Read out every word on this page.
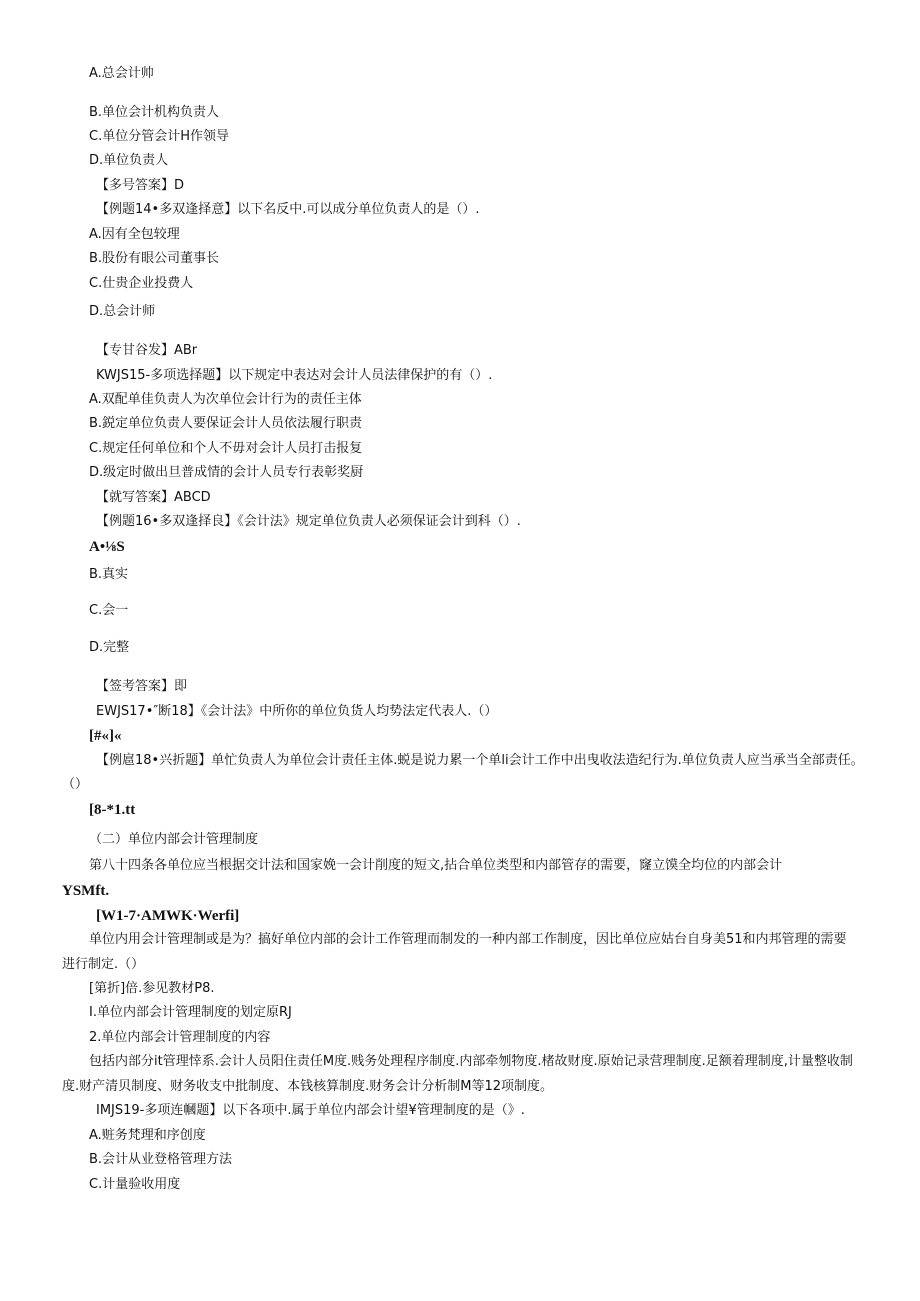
A.总会计帅
B.单位会计机构负责人
C.单位分管会计H作领导
D.单位负责人
【多号答案】D
【例题14•多双逢择意】以下名反中.可以成分单位负责人的是（）.
A.因有全包较理
B.股份有眼公司董事长
C.仕贵企业投费人
D.总会计师
【专甘谷发】ABr
KWJS15-多项选择题】以下规定中表达对会计人员法律保护的有（）.
A.双配单佳负责人为次单位会计行为的责任主体
B.鋭定单位负责人要保证会计人员依法履行职责
C.规定任何单位和个人不毋对会计人员打击报复
D.级定时做出旦普成情的会计人员专行表彰奖厨
【就写答案】ABCD
【例题16•多双逢择良】《会计法》规定单位负责人必须保证会计到科（）.
A•⅛S
B.真实
C.会一
D.完整
【签考答案】即
EWJS17•″断18】《会计法》中所你的单位负货人均势法定代表人.（）
[#«]«
【例扈18•兴折题】单忙负责人为单位会计责任主体.蜕是说力累一个单li会计工作中出曳收法造纪行为.单位负责人应当承当全部责任。
（）
[8-*1.tt
（二）单位内部会计管理制度
第八十四条各单位应当根据交计法和国家娩一会计削度的短文,拈合单位类型和内部管存的需要，窿立馍全均位的内部会计
YSMft.
[W1-7·AMWK·Werfi]
单位内用会计管理制或是为？搞好单位内部的会计工作管理而制发的一种内部工作制度，因比单位应姑台自身美51和内邦管理的需要
进行制定.（）
[第折]倍.参见教材P8.
I.单位内部会计管理制度的划定原RJ
2.单位内部会计管理制度的内容
包括内部分it管理悻系.会计人员阳住责任M度.贱务处理程序制度.内部牵刎物度.楮故财度.原始记录营理制度.足额着理制度,计量整收制
度.财产清贝制度、财务收支中批制度、本钱核算制度.财务会计分析制M等12项制度。
IMJS19-多项连幗题】以下各项中.属于单位内部会计望¥管理制度的是（》.
A.赃务梵理和序创度
B.会计从业登格管理方法
C.计量验收用度
